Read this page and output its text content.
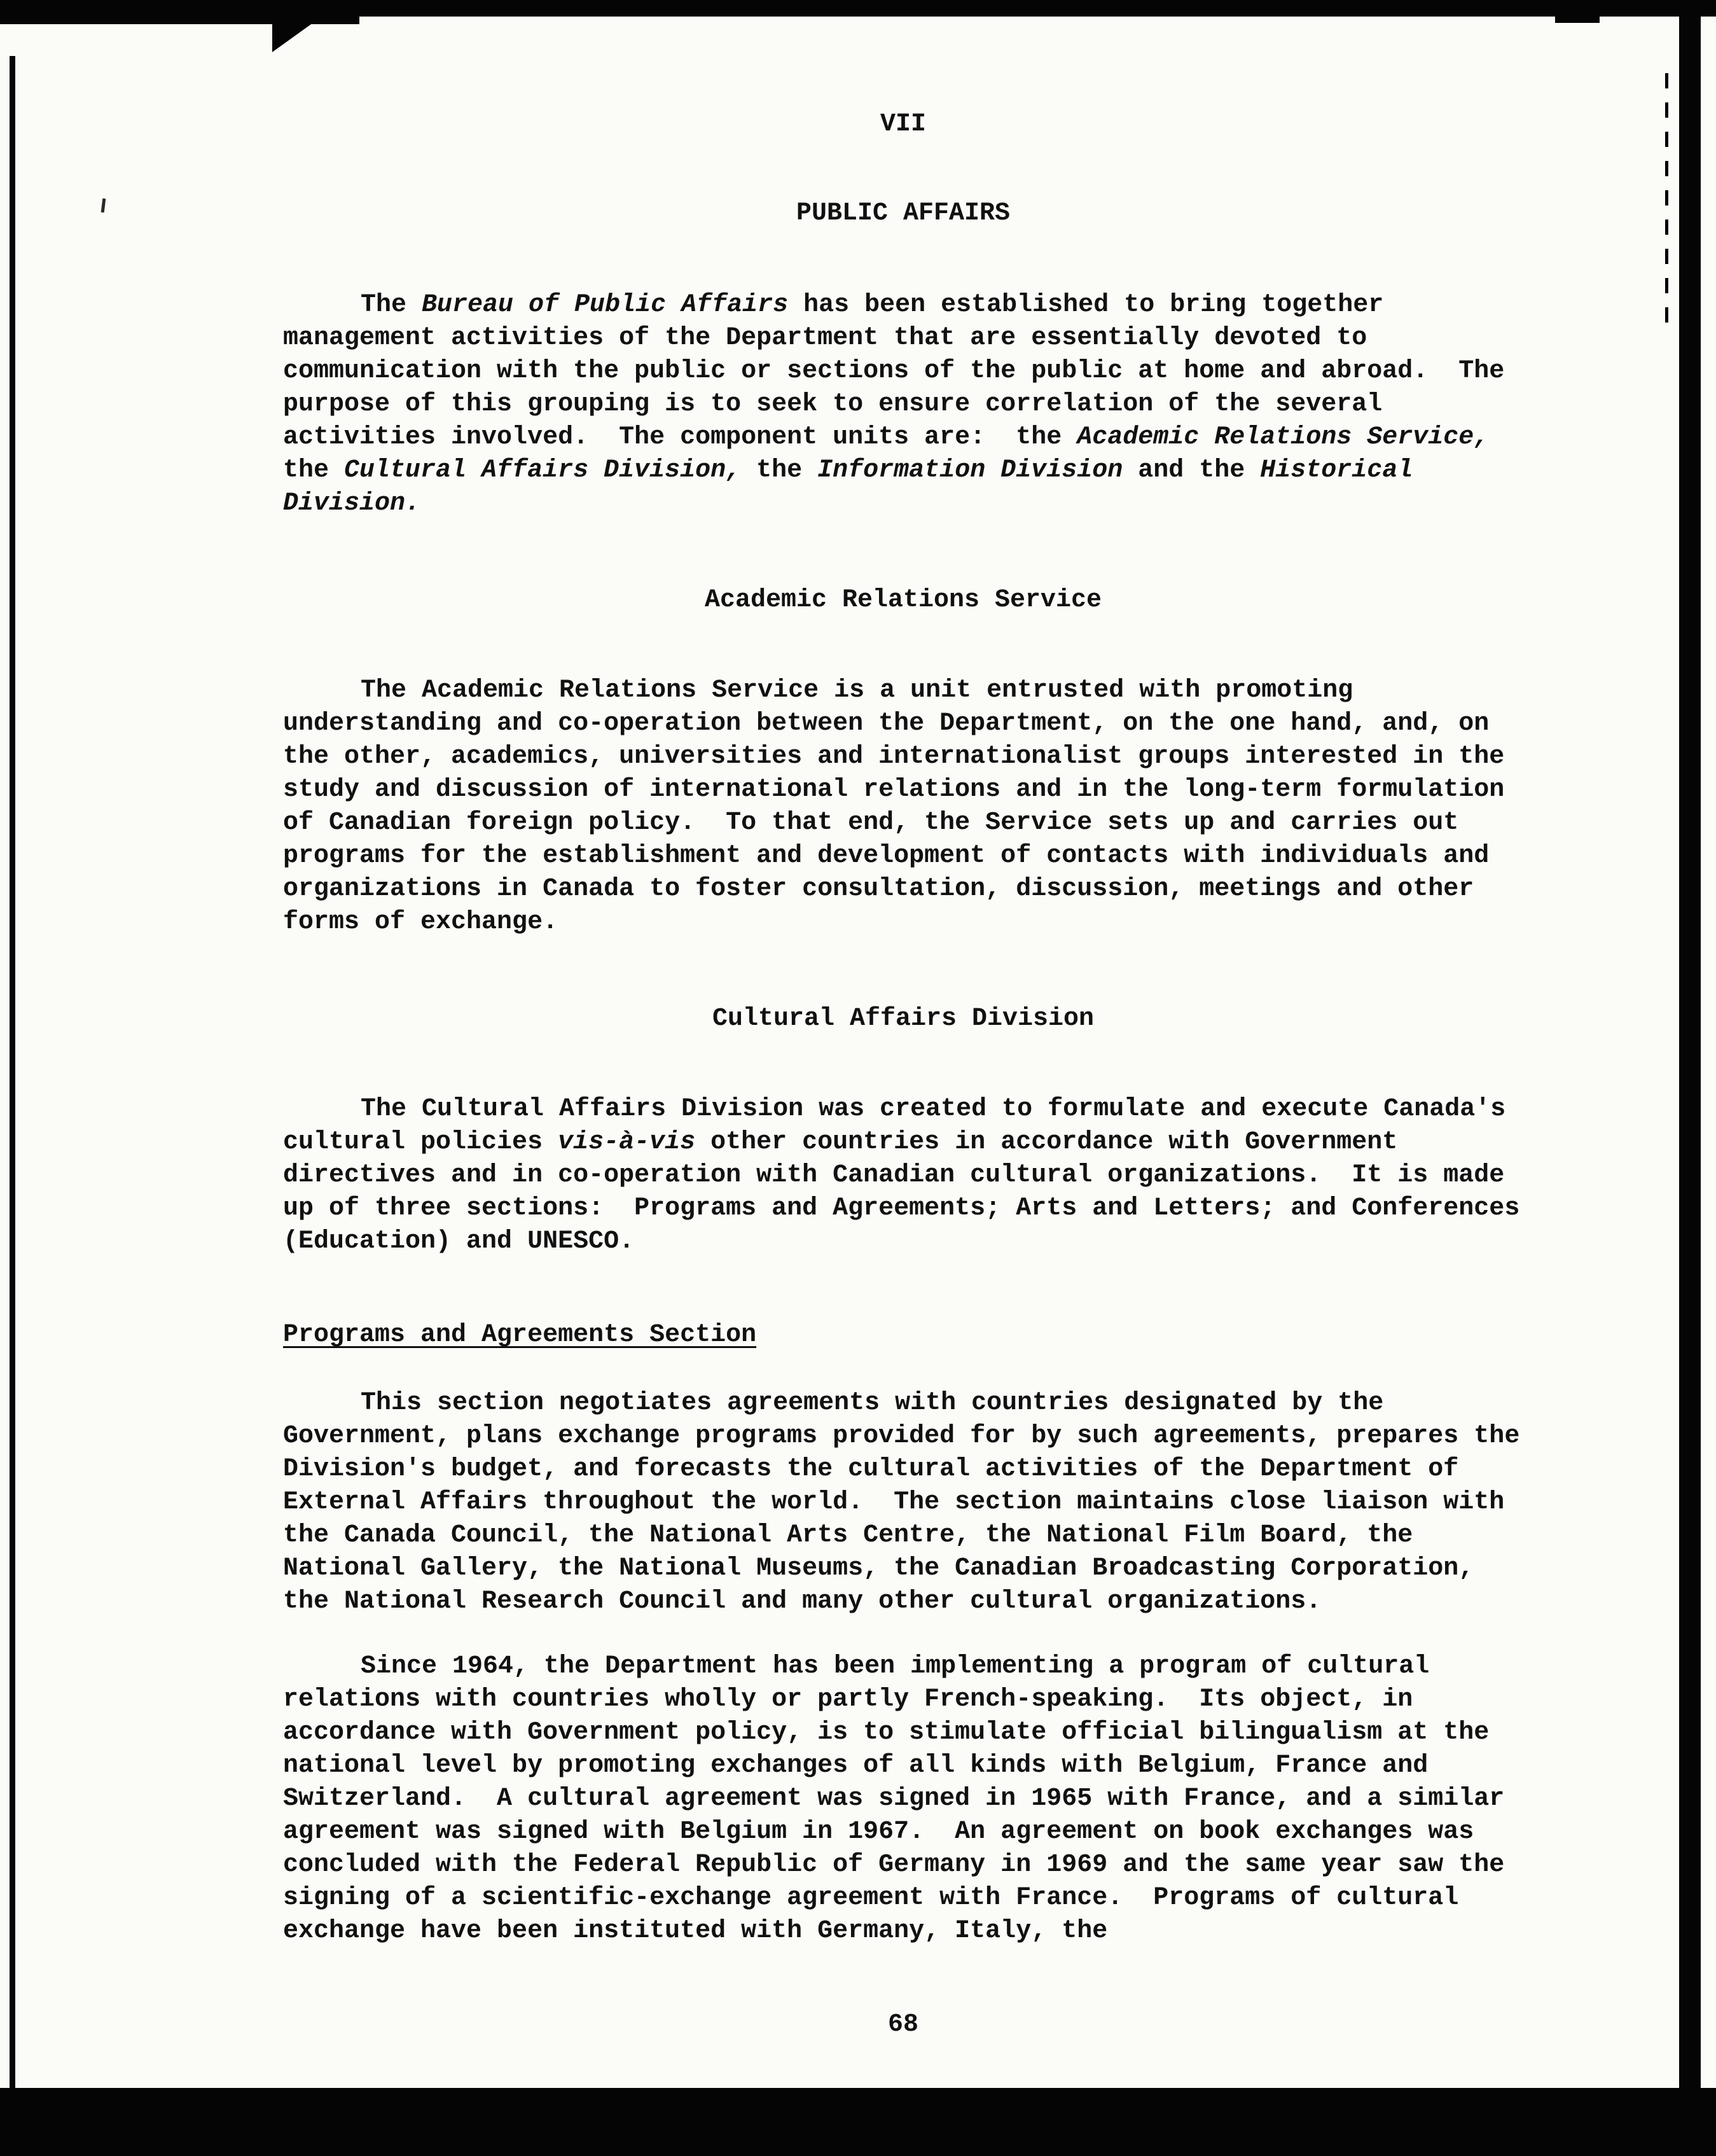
VII
PUBLIC AFFAIRS

The Bureau of Public Affairs has been established to bring together management activities of the Department that are essentially devoted to communication with the public or sections of the public at home and abroad.  The purpose of this grouping is to seek to ensure correlation of the several activities involved.  The component units are:  the Academic Relations Service, the Cultural Affairs Division, the Information Division and the Historical Division.

Academic Relations Service

The Academic Relations Service is a unit entrusted with promoting understanding and co-operation between the Department, on the one hand, and, on the other, academics, universities and internationalist groups interested in the study and discussion of international relations and in the long-term formulation of Canadian foreign policy.  To that end, the Service sets up and carries out programs for the establishment and development of contacts with individuals and organizations in Canada to foster consultation, discussion, meetings and other forms of exchange.

Cultural Affairs Division

The Cultural Affairs Division was created to formulate and execute Canada's cultural policies vis-à-vis other countries in accordance with Government directives and in co-operation with Canadian cultural organizations.  It is made up of three sections:  Programs and Agreements; Arts and Letters; and Conferences (Education) and UNESCO.

Programs and Agreements Section

This section negotiates agreements with countries designated by the Government, plans exchange programs provided for by such agreements, prepares the Division's budget, and forecasts the cultural activities of the Department of External Affairs throughout the world.  The section maintains close liaison with the Canada Council, the National Arts Centre, the National Film Board, the National Gallery, the National Museums, the Canadian Broadcasting Corporation, the National Research Council and many other cultural organizations.

Since 1964, the Department has been implementing a program of cultural relations with countries wholly or partly French-speaking.  Its object, in accordance with Government policy, is to stimulate official bilingualism at the national level by promoting exchanges of all kinds with Belgium, France and Switzerland.  A cultural agreement was signed in 1965 with France, and a similar agreement was signed with Belgium in 1967.  An agreement on book exchanges was concluded with the Federal Republic of Germany in 1969 and the same year saw the signing of a scientific-exchange agreement with France.  Programs of cultural exchange have been instituted with Germany, Italy, the

68
